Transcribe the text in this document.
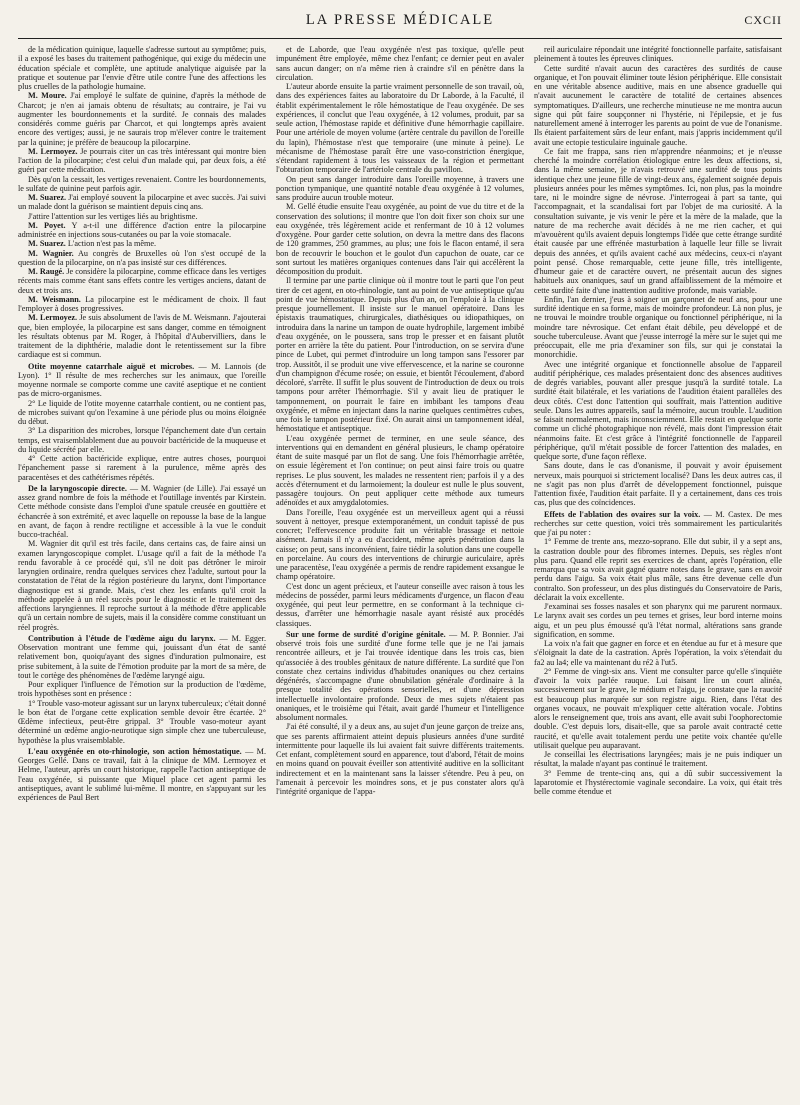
LA PRESSE MÉDICALE	CXCII

de la médication quinique, laquelle s'adresse surtout au symptôme; puis, il a exposé les bases du traitement pathogénique, qui exige du médecin une éducation spéciale et complète, une aptitude analytique aiguisée par la pratique et soutenue par l'envie d'être utile contre l'une des affections les plus cruelles de la pathologie humaine.

M. Moure. J'ai employé le sulfate de quinine, d'après la méthode de Charcot; je n'en ai jamais obtenu de résultats; au contraire, je l'ai vu augmenter les bourdonnements et la surdité. Je connais des malades considérés comme guéris par Charcot, et qui longtemps après avaient encore des vertiges; aussi, je ne saurais trop m'élever contre le traitement par la quinine; je préfère de beaucoup la pilocarpine.

M. Lermoyez. Je pourrais citer un cas très intéressant qui montre bien l'action de la pilocarpine; c'est celui d'un malade qui, par deux fois, a été guéri par cette médication.

Dès qu'on la cessait, les vertiges revenaient. Contre les bourdonnements, le sulfate de quinine peut parfois agir.

M. Suarez. J'ai employé souvent la pilocarpine et avec succès. J'ai suivi un malade dont la guérison se maintient depuis cinq ans.

J'attire l'attention sur les vertiges liés au brightisme.

M. Poyet. Y a-t-il une différence d'action entre la pilocarpine administrée en injections sous-cutanées ou par la voie stomacale.

M. Suarez. L'action n'est pas la même.

M. Wagnier. Au congrès de Bruxelles où l'on s'est occupé de la question de la pilocarpine, on n'a pas insisté sur ces différences.

M. Raugé. Je considère la pilocarpine, comme efficace dans les vertiges récents mais comme étant sans effets contre les vertiges anciens, datant de deux et trois ans.

M. Weismann. La pilocarpine est le médicament de choix. Il faut l'employer à doses progressives.

M. Lermoyez. Je suis absolument de l'avis de M. Weismann. J'ajouterai que, bien employée, la pilocarpine est sans danger, comme en témoignent les résultats obtenus par M. Roger, à l'hôpital d'Aubervilliers, dans le traitement de la diphthérie, maladie dont le retentissement sur la fibre cardiaque est si commun.

Otite moyenne catarrhale aiguë et microbes. — M. Lannois (de Lyon). 1° Il résulte de mes recherches sur les animaux, que l'oreille moyenne normale se comporte comme une cavité aseptique et ne contient pas de micro-organismes.

2° Le liquide de l'otite moyenne catarrhale contient, ou ne contient pas, de microbes suivant qu'on l'examine à une période plus ou moins éloignée du début.

3° La disparition des microbes, lorsque l'épanchement date d'un certain temps, est vraisemblablement due au pouvoir bactéricide de la muqueuse et du liquide sécrété par elle.

4° Cette action bactéricide explique, entre autres choses, pourquoi l'épanchement passe si rarement à la purulence, même après des paracentèses et des cathétérismes répétés.

De la laryngoscopie directe. — M. Wagnier (de Lille). J'ai essayé un assez grand nombre de fois la méthode et l'outillage inventés par Kirstein. Cette méthode consiste dans l'emploi d'une spatule creusée en gouttière et échancrée à son extrémité, et avec laquelle on repousse la base de la langue en avant, de façon à rendre rectiligne et accessible à la vue le conduit bucco-trachéal.

M. Wagnier dit qu'il est très facile, dans certains cas, de faire ainsi un examen laryngoscopique complet. L'usage qu'il a fait de la méthode l'a rendu favorable à ce procédé qui, s'il ne doit pas détrôner le miroir laryngien ordinaire, rendra quelques services chez l'adulte, surtout pour la constatation de l'état de la région postérieure du larynx, dont l'importance diagnostique est si grande. Mais, c'est chez les enfants qu'il croit la méthode appelée à un réel succès pour le diagnostic et le traitement des affections laryngiennes. Il reproche surtout à la méthode d'être applicable qu'à un certain nombre de sujets, mais il la considère comme constituant un réel progrès.

Contribution à l'étude de l'œdème aigu du larynx. — M. Egger. Observation montrant une femme qui, jouissant d'un état de santé relativement bon, quoiqu'ayant des signes d'induration pulmonaire, est prise subitement, à la suite de l'émotion produite par la mort de sa mère, de tout le cortège des phénomènes de l'œdème laryngé aigu.

Pour expliquer l'influence de l'émotion sur la production de l'œdème, trois hypothèses sont en présence :

1° Trouble vaso-moteur agissant sur un larynx tuberculeux; c'était donné le bon état de l'organe cette explication semble devoir être écartée. 2° Œdème infectieux, peut-être grippal. 3° Trouble vaso-moteur ayant déterminé un œdème angio-neurotique sign simple chez une tuberculeuse, hypothèse la plus vraisemblable.

L'eau oxygénée en oto-rhinologie, son action hémostatique. — M. Georges Gellé. Dans ce travail, fait à la clinique de MM. Lermoyez et Helme, l'auteur, après un court historique, rappelle l'action antiseptique de l'eau oxygénée, si puissante que Miquel place cet agent parmi les antiseptiques, avant le sublimé lui-même. Il montre, en s'appuyant sur les expériences de Paul Bert

et de Laborde, que l'eau oxygénée n'est pas toxique, qu'elle peut impunément être employée, même chez l'enfant; ce dernier peut en avaler sans aucun danger; on n'a même rien à craindre s'il en pénètre dans la circulation.

L'auteur aborde ensuite la partie vraiment personnelle de son travail, où, dans des expériences faites au laboratoire du Dr Laborde, à la Faculté, il établit expérimentalement le rôle hémostatique de l'eau oxygénée. De ses expériences, il conclut que l'eau oxygénée, à 12 volumes, produit, par sa seule action, l'hémostase rapide et définitive d'une hémorrhagie capillaire. Pour une artériole de moyen volume (artère centrale du pavillon de l'oreille du lapin), l'hémostase n'est que temporaire (une minute à peine). Le mécanisme de l'hémostase paraît être une vaso-constriction énergique, s'étendant rapidement à tous les vaisseaux de la région et permettant l'obturation temporaire de l'artériole centrale du pavillon.

On peut sans danger introduire dans l'oreille moyenne, à travers une ponction tympanique, une quantité notable d'eau oxygénée à 12 volumes, sans produire aucun trouble moteur.

M. Gellé étudie ensuite l'eau oxygénée, au point de vue du titre et de la conservation des solutions; il montre que l'on doit fixer son choix sur une eau oxygénée, très légèrement acide et renfermant de 10 à 12 volumes d'oxygène. Pour garder cette solution, on devra la mettre dans des flacons de 120 grammes, 250 grammes, au plus; une fois le flacon entamé, il sera bon de recouvrir le bouchon et le goulot d'un capuchon de ouate, car ce sont surtout les matières organiques contenues dans l'air qui accélèrent la décomposition du produit.

Il termine par une partie clinique où il montre tout le parti que l'on peut tirer de cet agent, en oto-rhinologie, tant au point de vue antiseptique qu'au point de vue hémostatique. Depuis plus d'un an, on l'emploie à la clinique presque journellement. Il insiste sur le manuel opératoire. Dans les épistaxis traumatiques, chirurgicales, diathésiques ou idiopathiques, on introduira dans la narine un tampon de ouate hydrophile, largement imbibé d'eau oxygénée, on le poussera, sans trop le presser et en faisant plutôt porter en arrière la tête du patient. Pour l'introduction, on se servira d'une pince de Lubet, qui permet d'introduire un long tampon sans l'essorer par trop. Aussitôt, il se produit une vive effervescence, et la narine se couronne d'un champignon d'écume rosée; on essuie, et bientôt l'écoulement, d'abord décoloré, s'arrête. Il suffit le plus souvent de l'introduction de deux ou trois tampons pour arrêter l'hémorrhagie. S'il y avait lieu de pratiquer le tamponnement, on pourrait le faire en imbibant les tampons d'eau oxygénée, et même en injectant dans la narine quelques centimètres cubes, une fois le tampon postérieur fixé. On aurait ainsi un tamponnement idéal, hémostatique et antiseptique.

L'eau oxygénée permet de terminer, en une seule séance, des interventions qui en demandent en général plusieurs, le champ opératoire étant de suite masqué par un flot de sang. Une fois l'hémorrhagie arrêtée, on essuie légèrement et l'on continue; on peut ainsi faire trois ou quatre reprises. Le plus souvent, les malades ne ressentent rien; parfois il y a des accès d'éternument et du larmoiement; la douleur est nulle le plus souvent, passagère toujours. On peut appliquer cette méthode aux tumeurs adénoïdes et aux amygdalotomies.

Dans l'oreille, l'eau oxygénée est un merveilleux agent qui a réussi souvent à nettoyer, presque extemporanément, un conduit tapissé de pus concret; l'effervescence produite fait un véritable brassage et nettoie aisément. Jamais il n'y a eu d'accident, même après pénétration dans la caisse; on peut, sans inconvénient, faire tiédir la solution dans une coupelle en porcelaine. Au cours des interventions de chirurgie auriculaire, après une paracentèse, l'eau oxygénée a permis de rendre rapidement exsangue le champ opératoire.

C'est donc un agent précieux, et l'auteur conseille avec raison à tous les médecins de posséder, parmi leurs médicaments d'urgence, un flacon d'eau oxygénée, qui peut leur permettre, en se conformant à la technique ci-dessus, d'arrêter une hémorrhagie nasale ayant résisté aux procédés classiques.

Sur une forme de surdité d'origine génitale. — M. P. Bonnier. J'ai observé trois fois une surdité d'une forme telle que je ne l'ai jamais rencontrée ailleurs, et je l'ai trouvée identique dans les trois cas, bien qu'associée à des troubles génitaux de nature différente. La surdité que l'on constate chez certains individus d'habitudes onaniques ou chez certains dégénérés, s'accompagne d'une obnubilation générale d'ordinaire à la presque totalité des opérations sensorielles, et d'une dépression intellectuelle involontaire profonde. Deux de mes sujets n'étaient pas onaniques, et le troisième qui l'était, avait gardé l'humeur et l'intelligence absolument normales.

J'ai été consulté, il y a deux ans, au sujet d'un jeune garçon de treize ans, que ses parents affirmaient atteint depuis plusieurs années d'une surdité intermittente pour laquelle ils lui avaient fait suivre différents traitements. Cet enfant, complètement sourd en apparence, tout d'abord, l'était de moins en moins quand on pouvait éveiller son attentivité auditive en la sollicitant indirectement et en la maintenant sans la laisser s'étendre. Peu à peu, on l'amenait à percevoir les moindres sons, et je pus constater alors qu'à l'intégrité organique de l'appa-

reil auriculaire répondait une intégrité fonctionnelle parfaite, satisfaisant pleinement à toutes les épreuves cliniques.

Cette surdité n'avait aucun des caractères des surdités de cause organique, et l'on pouvait éliminer toute lésion périphérique. Elle consistait en une véritable absence auditive, mais en une absence graduelle qui n'avait aucunement le caractère de totalité de certaines absences symptomatiques. D'ailleurs, une recherche minutieuse ne me montra aucun signe qui pût faire soupçonner ni l'hystérie, ni l'épilepsie, et je fus naturellement amené à interroger les parents au point de vue de l'onanisme. Ils étaient parfaitement sûrs de leur enfant, mais j'appris incidemment qu'il avait une ectopie testiculaire inguinale gauche.

Ce fait me frappa, sans rien m'apprendre néanmoins; et je n'eusse cherché la moindre corrélation étiologique entre les deux affections, si, dans la même semaine, je n'avais retrouvé une surdité de tous points identique chez une jeune fille de vingt-deux ans, également soignée depuis plusieurs années pour les mêmes symptômes. Ici, non plus, pas la moindre tare, ni le moindre signe de névrose. J'interrogeai à part sa tante, qui l'accompagnait, et la scandalisai fort par l'objet de ma curiosité. A la consultation suivante, je vis venir le père et la mère de la malade, que la nature de ma recherche avait décidés à ne me rien cacher, et qui m'avouèrent qu'ils avaient depuis longtemps l'idée que cette étrange surdité était causée par une effrénée masturbation à laquelle leur fille se livrait depuis des années, et qu'ils avaient caché aux médecins, ceux-ci n'ayant point pensé. Chose remarquable, cette jeune fille, très intelligente, d'humeur gaie et de caractère ouvert, ne présentait aucun des signes habituels aux onaniques, sauf un grand affaiblissement de la mémoire et cette surdité faite d'une inattention auditive profonde, mais variable.

Enfin, l'an dernier, j'eus à soigner un garçonnet de neuf ans, pour une surdité identique en sa forme, mais de moindre profondeur. Là non plus, je ne trouvai le moindre trouble organique ou fonctionnel périphérique, ni la moindre tare névrosique. Cet enfant était débile, peu développé et de souche tuberculeuse. Avant que j'eusse interrogé la mère sur le sujet qui me préoccupait, elle me pria d'examiner son fils, sur qui je constatai la monorchidie.

Avec une intégrité organique et fonctionnelle absolue de l'appareil auditif périphérique, ces malades présentaient donc des absences auditives de degrés variables, pouvant aller presque jusqu'à la surdité totale. La surdité était bilatérale, et les variations de l'audition étaient parallèles des deux côtés. C'est donc l'attention qui souffrait, mais l'attention auditive seule. Dans les autres appareils, sauf la mémoire, aucun trouble. L'audition se faisait normalement, mais inconsciemment. Elle restait en quelque sorte comme un cliché photographique non révélé, mais dont l'impression était néanmoins faite. Et c'est grâce à l'intégrité fonctionnelle de l'appareil périphérique, qu'il m'était possible de forcer l'attention des malades, en quelque sorte, d'une façon réflexe.

Sans doute, dans le cas d'onanisme, il pouvait y avoir épuisement nerveux, mais pourquoi si strictement localisé? Dans les deux autres cas, il ne s'agit pas non plus d'arrêt de développement fonctionnel, puisque l'attention fixée, l'audition était parfaite. Il y a certainement, dans ces trois cas, plus que des coïncidences.

Effets de l'ablation des ovaires sur la voix. — M. Castex. De mes recherches sur cette question, voici très sommairement les particularités que j'ai pu noter :

1° Femme de trente ans, mezzo-soprano. Elle dut subir, il y a sept ans, la castration double pour des fibromes internes. Depuis, ses règles n'ont plus paru. Quand elle reprit ses exercices de chant, après l'opération, elle remarqua que sa voix avait gagné quatre notes dans le grave, sans en avoir perdu dans l'aigu. Sa voix était plus mâle, sans être devenue celle d'un contralto. Son professeur, un des plus distingués du Conservatoire de Paris, déclarait la voix excellente.

J'examinai ses fosses nasales et son pharynx qui me parurent normaux. Le larynx avait ses cordes un peu ternes et grises, leur bord interne moins aigu, et un peu plus émoussé qu'à l'état normal, altérations sans grande signification, en somme.

La voix n'a fait que gagner en force et en étendue au fur et à mesure que s'éloignait la date de la castration. Après l'opération, la voix s'étendait du fa2 au la4; elle va maintenant du ré2 à l'ut5.

2° Femme de vingt-six ans. Vient me consulter parce qu'elle s'inquiète d'avoir la voix parlée rauque. Lui faisant lire un court alinéa, successivement sur le grave, le médium et l'aigu, je constate que la raucité est beaucoup plus marquée sur son registre aigu. Rien, dans l'état des organes vocaux, ne pouvait m'expliquer cette altération vocale. J'obtins alors le renseignement que, trois ans avant, elle avait subi l'oophorectomie double. C'est depuis lors, disait-elle, que sa parole avait contracté cette raucité, et qu'elle avait totalement perdu une petite voix chantée qu'elle utilisait quelque peu auparavant.

Je conseillai les électrisations laryngées; mais je ne puis indiquer un résultat, la malade n'ayant pas continué le traitement.

3° Femme de trente-cinq ans, qui a dû subir successivement la laparotomie et l'hystérectomie vaginale secondaire. La voix, qui était très belle comme étendue et
